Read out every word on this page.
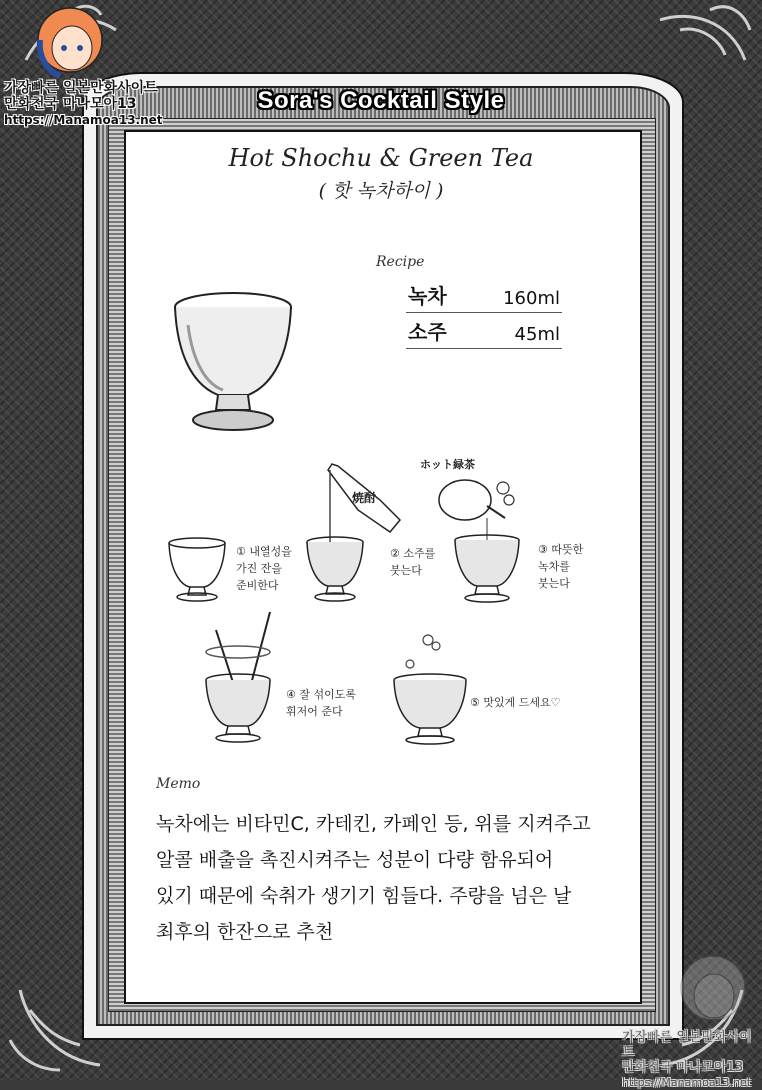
Sora's Cocktail Style
Hot Shochu & Green Tea
( 핫 녹차하이 )
Recipe
녹차	160ml
소주	45ml
① 내열성을
가진 잔을
준비한다
焼酎
② 소주를
붓는다
ホット緑茶
③ 따뜻한
녹차를
붓는다
④ 잘 섞이도록
휘저어 준다
⑤ 맛있게 드세요♡
Memo
녹차에는 비타민C, 카테킨, 카페인 등, 위를 지켜주고
알콜 배출을 촉진시켜주는 성분이 다량 함유되어
있기 때문에 숙취가 생기기 힘들다. 주량을 넘은 날
최후의 한잔으로 추천
가장빠른 일본만화사이트
만화천국 마나모아13
https://Manamoa13.net
가장빠른 일본만화사이트
만화천국 마나모아13
https://Manamoa13.net
